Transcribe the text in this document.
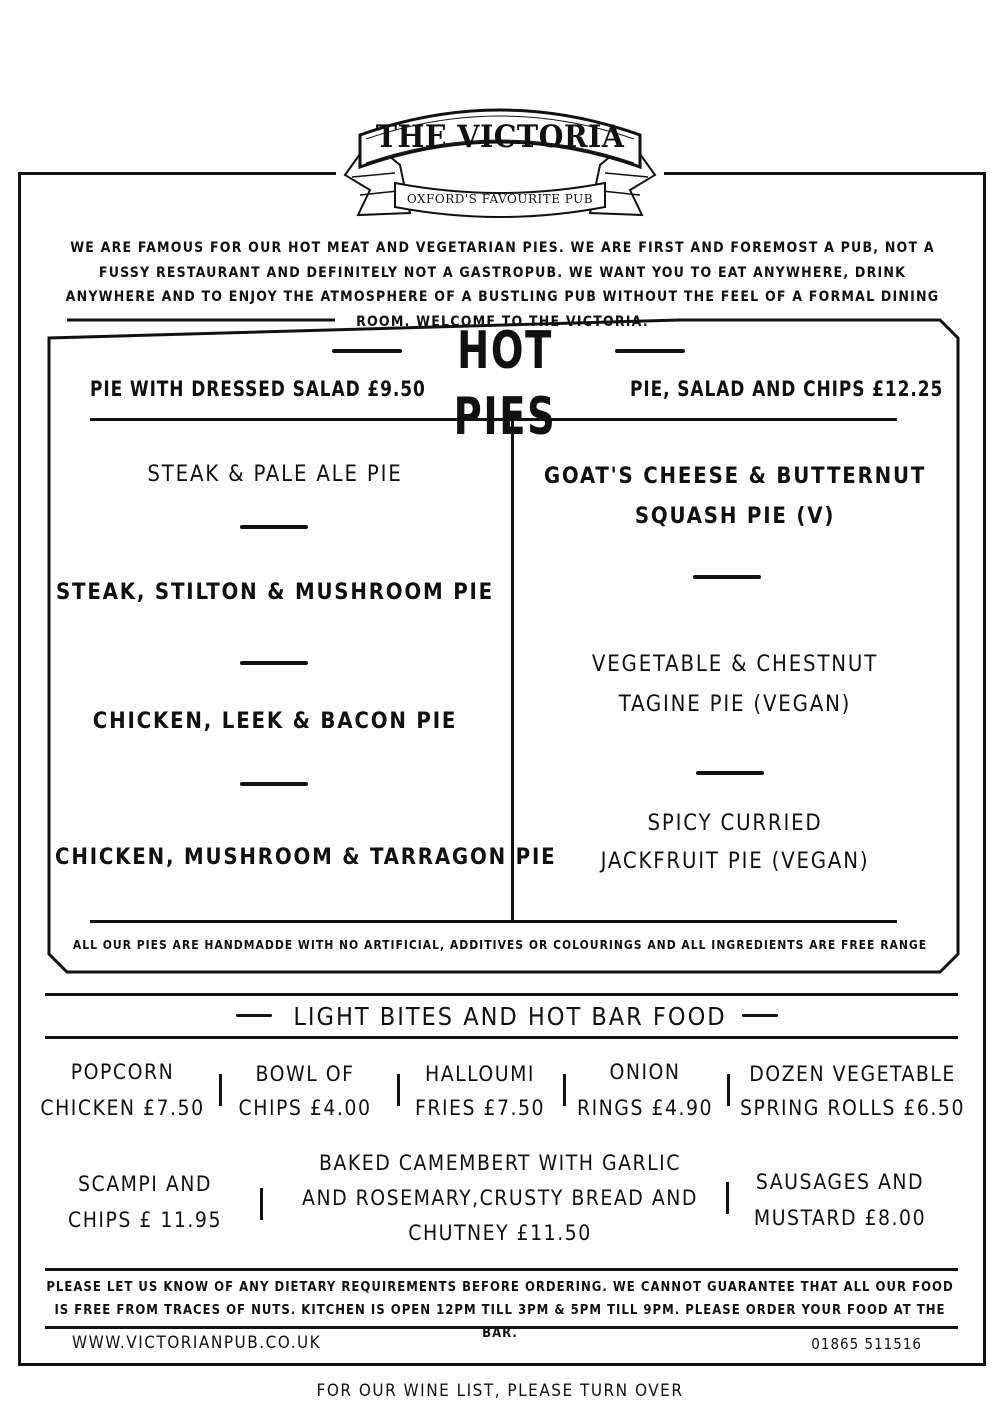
THE VICTORIA
OXFORD'S FAVOURITE PUB
WE ARE FAMOUS FOR OUR HOT MEAT AND VEGETARIAN PIES. WE ARE FIRST AND FOREMOST A PUB, NOT A FUSSY RESTAURANT AND DEFINITELY NOT A GASTROPUB. WE WANT YOU TO EAT ANYWHERE, DRINK ANYWHERE AND TO ENJOY THE ATMOSPHERE OF A BUSTLING PUB WITHOUT THE FEEL OF A FORMAL DINING ROOM. WELCOME TO THE VICTORIA.
HOT PIES
PIE WITH DRESSED SALAD £9.50	PIE, SALAD AND CHIPS £12.25
STEAK & PALE ALE PIE
STEAK, STILTON & MUSHROOM PIE
CHICKEN, LEEK & BACON PIE
CHICKEN, MUSHROOM & TARRAGON PIE
GOAT'S CHEESE & BUTTERNUT
SQUASH PIE (V)
VEGETABLE & CHESTNUT
TAGINE PIE (VEGAN)
SPICY CURRIED
JACKFRUIT PIE (VEGAN)
ALL OUR PIES ARE HANDMADDE WITH NO ARTIFICIAL, ADDITIVES OR COLOURINGS AND ALL INGREDIENTS ARE FREE RANGE
LIGHT BITES AND HOT BAR FOOD
POPCORN
CHICKEN £7.50
BOWL OF
CHIPS £4.00
HALLOUMI
FRIES £7.50
ONION
RINGS £4.90
DOZEN VEGETABLE
SPRING ROLLS £6.50
SCAMPI AND
CHIPS £ 11.95
BAKED CAMEMBERT WITH GARLIC
AND ROSEMARY,CRUSTY BREAD AND
CHUTNEY £11.50
SAUSAGES AND
MUSTARD £8.00
PLEASE LET US KNOW OF ANY DIETARY REQUIREMENTS BEFORE ORDERING. WE CANNOT GUARANTEE THAT ALL OUR FOOD
IS FREE FROM TRACES OF NUTS. KITCHEN IS OPEN 12PM TILL 3PM & 5PM TILL 9PM. PLEASE ORDER YOUR FOOD AT THE BAR.
WWW.VICTORIANPUB.CO.UK	01865 511516
FOR OUR WINE LIST, PLEASE TURN OVER
